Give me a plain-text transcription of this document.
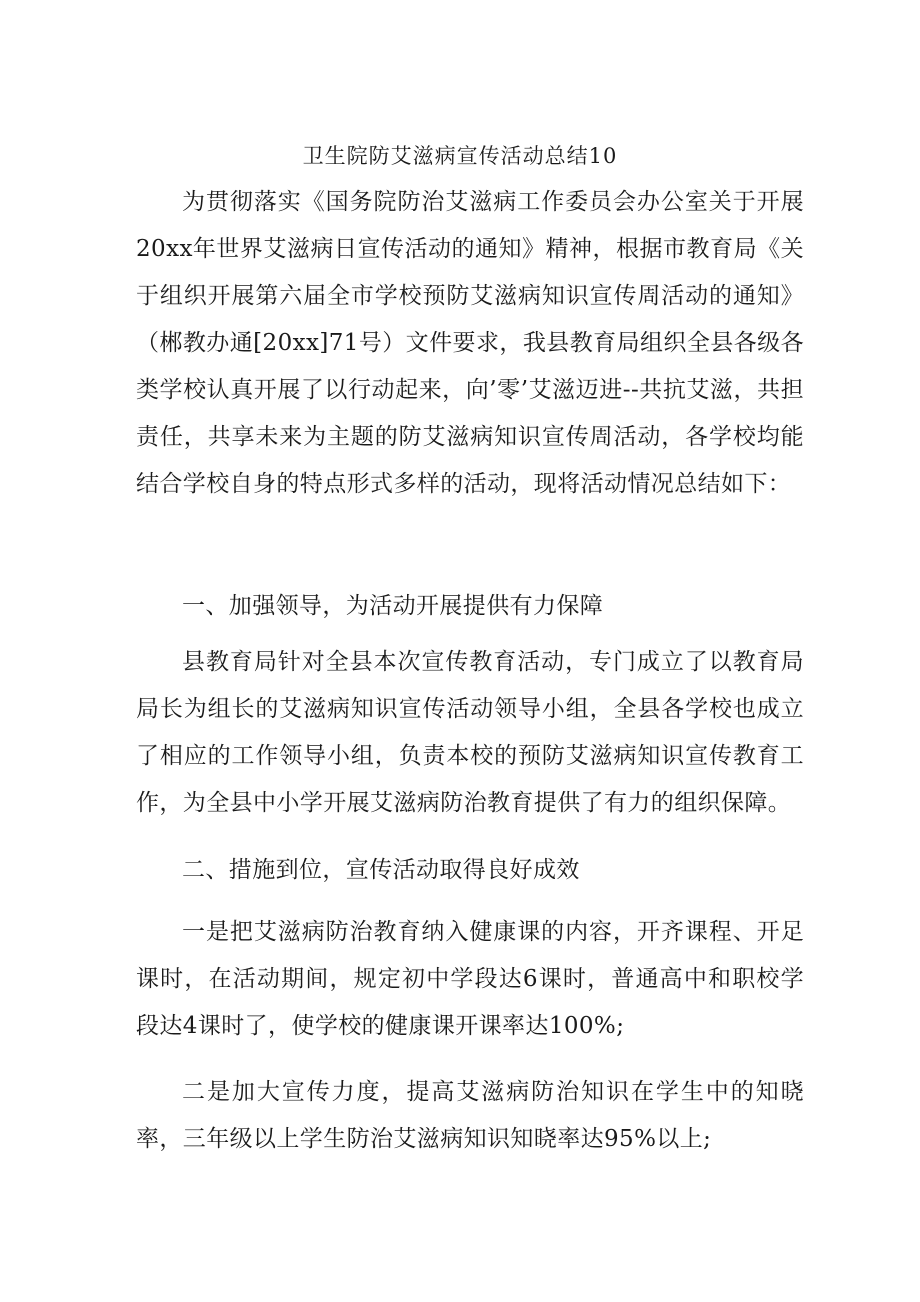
卫生院防艾滋病宣传活动总结10

为贯彻落实《国务院防治艾滋病工作委员会办公室关于开展20xx年世界艾滋病日宣传活动的通知》精神，根据市教育局《关于组织开展第六届全市学校预防艾滋病知识宣传周活动的通知》（郴教办通[20xx]71号）文件要求，我县教育局组织全县各级各类学校认真开展了以行动起来，向’零’艾滋迈进--共抗艾滋，共担责任，共享未来为主题的防艾滋病知识宣传周活动，各学校均能结合学校自身的特点形式多样的活动，现将活动情况总结如下：

一、加强领导，为活动开展提供有力保障

县教育局针对全县本次宣传教育活动，专门成立了以教育局局长为组长的艾滋病知识宣传活动领导小组，全县各学校也成立了相应的工作领导小组，负责本校的预防艾滋病知识宣传教育工作，为全县中小学开展艾滋病防治教育提供了有力的组织保障。

二、措施到位，宣传活动取得良好成效

一是把艾滋病防治教育纳入健康课的内容，开齐课程、开足课时，在活动期间，规定初中学段达6课时，普通高中和职校学段达4课时了，使学校的健康课开课率达100%;

二是加大宣传力度，提高艾滋病防治知识在学生中的知晓率，三年级以上学生防治艾滋病知识知晓率达95%以上;
